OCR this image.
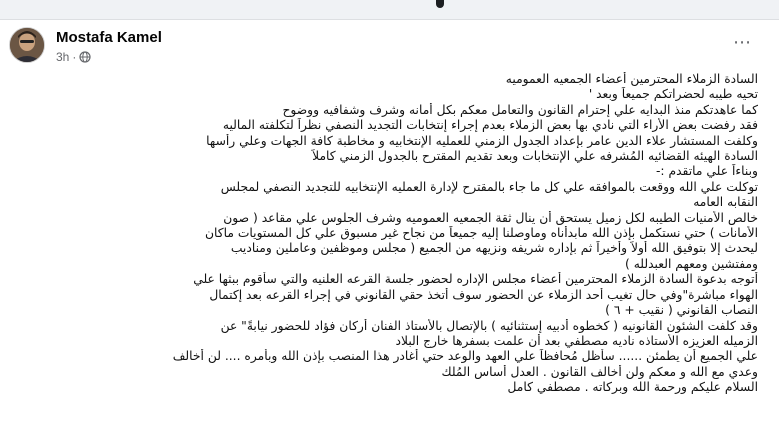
Mostafa Kamel
3h ·
⋯
السادة الزملاء المحترمين أعضاء الجمعيه العموميه
تحيه طيبه لحضراتكم جميعاً وبعد '
كما عاهدتكم منذ البدايه علي إحترام القانون والتعامل معكم بكل أمانه وشرف وشفافيه ووضوح
فقد رفضت بعض الأراء التي نادي بها بعض الزملاء بعدم إجراء إنتخابات التجديد النصفي نظراً لتكلفته الماليه
وكلفت المستشار علاء الدين عامر بإعداد الجدول الزمني للعمليه الإنتخابيه و مخاطبة كافة الجهات وعلي رأسها
السادة الهيئه القضائيه المُشرفه علي الإنتخابات وبعد تقديم المقترح بالجدول الزمني كاملاً
وبناءاً علي ماتقدم :-
توكلت علي الله ووقعت بالموافقه علي كل ما جاء بالمقترح لإدارة العمليه الإنتخابيه للتجديد النصفي لمجلس
النقابه العامه
خالص الأمنيات الطيبه لكل زميل يستحق أن ينال ثقة الجمعيه العموميه وشرف الجلوس علي مقاعد ( صون
الأمانات ) حتي نستكمل بإذن الله مابدأناه وماوصلنا إليه جميعاً من نجاح غير مسبوق علي كل المستويات ماكان
ليحدث إلا بتوفيق الله أولاً وأخيراً ثم بإداره شريفه ونزيهه من الجميع ( مجلس وموظفين وعاملين ومناديب
ومفتشين ومعهم العبدلله )
أتوجه بدعوة السادة الزملاء المحترمين أعضاء مجلس الإداره لحضور جلسة القرعه العلنيه والتي سأقوم ببثها علي
الهواء مباشرة"وفي حال تغيب أحد الزملاء عن الحضور سوف أتخذ حقي القانوني في إجراء القرعه بعد إكتمال
النصاب القانوني ( نقيب + ٦ )
وقد كلفت الشئون القانونيه ( كخطوه أدبيه إستثنائيه ) بالإتصال بالأستاذ الفنان أركان فؤاد للحضور نيابةً" عن
الزميله العزيزه الأستاذه ناديه مصطفي بعد أن علمت بسفرها خارج البلاد
علي الجميع أن يطمئن ...... سأظل مُحافظاً علي العهد والوعد حتي أغادر هذا المنصب بإذن الله وبأمره .... لن أخالف
وعدي مع الله و معكم ولن أخالف القانون . العدل أساس المُلك
السلام عليكم ورحمة الله وبركاته . مصطفي كامل
